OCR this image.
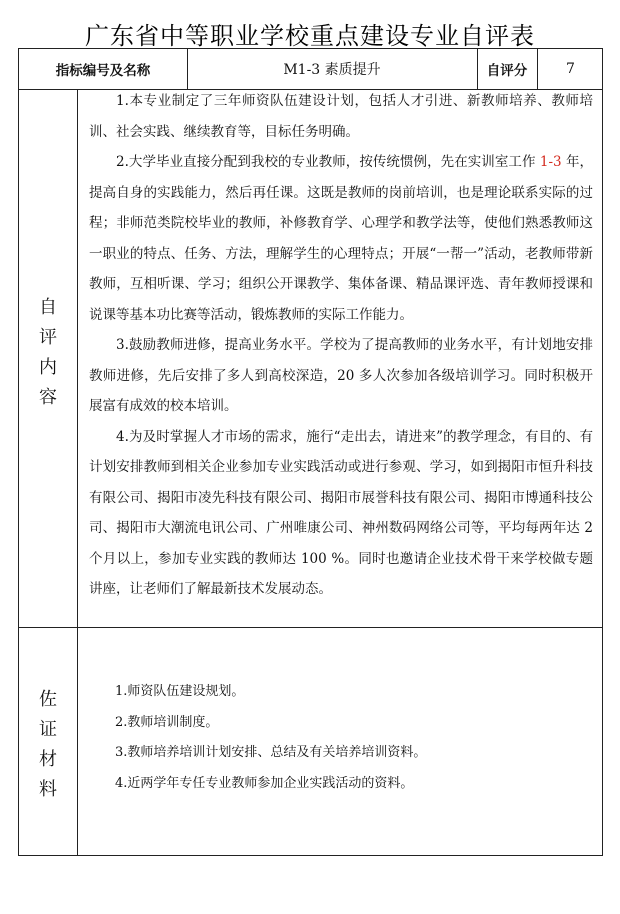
广东省中等职业学校重点建设专业自评表
指标编号及名称	M1-3 素质提升	自评分	7
自
评
内
容

1.本专业制定了三年师资队伍建设计划，包括人才引进、新教师培养、教师培训、社会实践、继续教育等，目标任务明确。

2.大学毕业直接分配到我校的专业教师，按传统惯例，先在实训室工作 1-3 年，提高自身的实践能力，然后再任课。这既是教师的岗前培训，也是理论联系实际的过程；非师范类院校毕业的教师，补修教育学、心理学和教学法等，使他们熟悉教师这一职业的特点、任务、方法，理解学生的心理特点；开展“一帮一”活动，老教师带新教师，互相听课、学习；组织公开课教学、集体备课、精品课评选、青年教师授课和说课等基本功比赛等活动，锻炼教师的实际工作能力。

3.鼓励教师进修，提高业务水平。学校为了提高教师的业务水平，有计划地安排教师进修，先后安排了多人到高校深造，20 多人次参加各级培训学习。同时积极开展富有成效的校本培训。

4.为及时掌握人才市场的需求，施行“走出去，请进来”的教学理念，有目的、有计划安排教师到相关企业参加专业实践活动或进行参观、学习，如到揭阳市恒升科技有限公司、揭阳市凌先科技有限公司、揭阳市展誉科技有限公司、揭阳市博通科技公司、揭阳市大潮流电讯公司、广州唯康公司、神州数码网络公司等，平均每两年达 2 个月以上，参加专业实践的教师达 100 %。同时也邀请企业技术骨干来学校做专题讲座，让老师们了解最新技术发展动态。

佐
证
材
料
1.师资队伍建设规划。
2.教师培训制度。
3.教师培养培训计划安排、总结及有关培养培训资料。
4.近两学年专任专业教师参加企业实践活动的资料。
